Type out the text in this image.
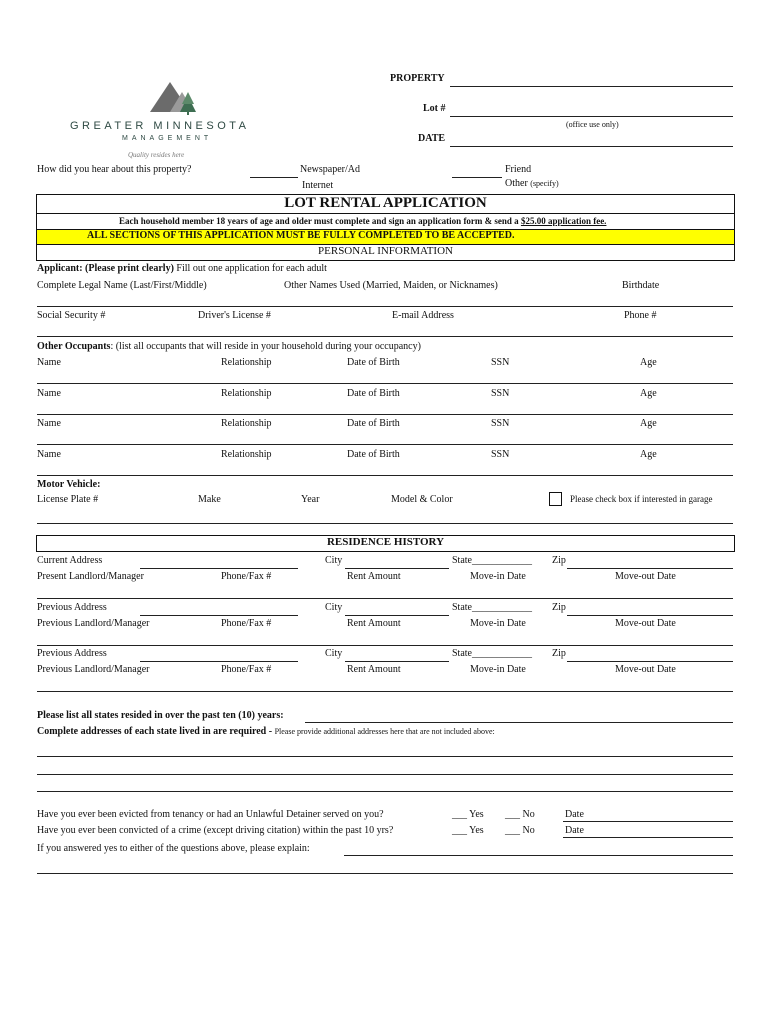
GREATER MINNESOTA
MANAGEMENT
Quality resides here
PROPERTY
Lot #
(office use only)
DATE
How did you hear about this property?	Newspaper/Ad
Internet
Friend
Other (specify)
LOT RENTAL APPLICATION
Each household member 18 years of age and older must complete and sign an application form & send a $25.00 application fee.
ALL SECTIONS OF THIS APPLICATION MUST BE FULLY COMPLETED TO BE ACCEPTED.
PERSONAL INFORMATION
Applicant: (Please print clearly) Fill out one application for each adult
Complete Legal Name (Last/First/Middle)	Other Names Used (Married, Maiden, or Nicknames)	Birthdate
Social Security #	Driver's License #	E-mail Address	Phone #
Other Occupants: (list all occupants that will reside in your household during your occupancy)
Name	Relationship	Date of Birth	SSN	Age
Name	Relationship	Date of Birth	SSN	Age
Name	Relationship	Date of Birth	SSN	Age
Name	Relationship	Date of Birth	SSN	Age
Motor Vehicle:
License Plate #	Make	Year	Model & Color	Please check box if interested in garage
RESIDENCE HISTORY
Current Address	City	State____________ Zip
Present Landlord/Manager	Phone/Fax #	Rent Amount	Move-in Date	Move-out Date
Previous Address	City	State____________ Zip
Previous Landlord/Manager	Phone/Fax #	Rent Amount	Move-in Date	Move-out Date
Previous Address	City	State____________ Zip
Previous Landlord/Manager	Phone/Fax #	Rent Amount	Move-in Date	Move-out Date
Please list all states resided in over the past ten (10) years:
Complete addresses of each state lived in are required - Please provide additional addresses here that are not included above:
Have you ever been evicted from tenancy or had an Unlawful Detainer served on you?	___ Yes ___ No	Date
Have you ever been convicted of a crime (except driving citation) within the past 10 yrs?	___ Yes ___ No	Date
If you answered yes to either of the questions above, please explain:
